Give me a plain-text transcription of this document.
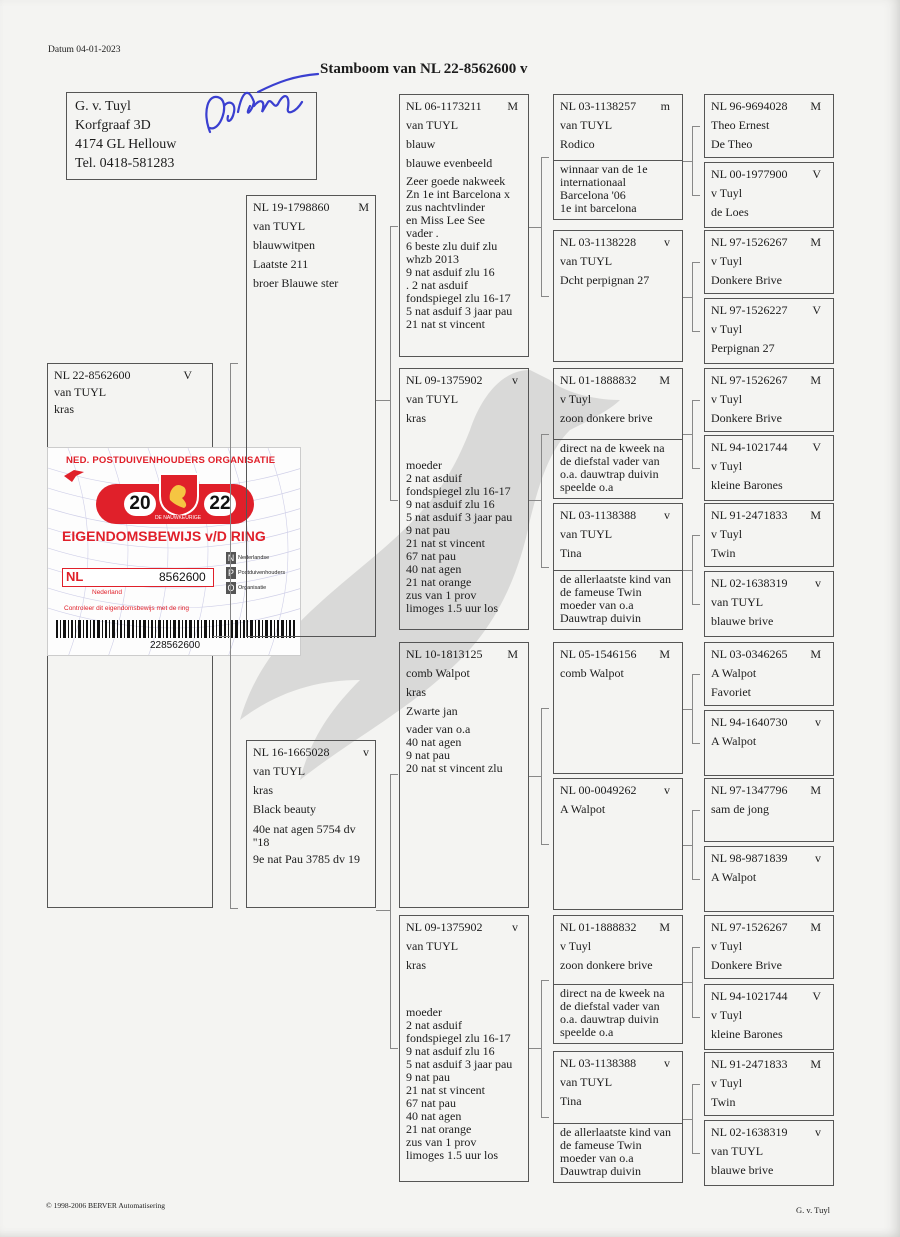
Datum 04-01-2023
Stamboom van NL 22-8562600 v
G. v. Tuyl
Korfgraaf 3D
4174 GL Hellouw
Tel. 0418-581283
NL 22-8562600	V
van TUYL
kras
NED. POSTDUIVENHOUDERS ORGANISATIE
20	22
DE NAUWKEURIGE
EIGENDOMSBEWIJS v/D RING
NL	8562600
Nederland
N Nederlandse
P Postduivenhouders
O Organisatie
Controleer dit eigendomsbewijs met de ring
228562600
NL 19-1798860 M
van TUYL
blauwwitpen
Laatste 211
broer Blauwe ster
NL 16-1665028	v
van TUYL
kras
Black beauty
40e nat agen 5754 dv ''18
9e nat Pau 3785 dv 19
NL 06-1173211 M
van TUYL
blauw
blauwe evenbeeld
Zeer goede nakweek
Zn 1e int Barcelona x
zus nachtvlinder
en Miss Lee See
vader .
6 beste zlu duif zlu
whzb 2013
9 nat asduif zlu 16
. 2 nat asduif
fondspiegel zlu 16-17
5 nat asduif 3 jaar pau
21 nat st vincent
NL 09-1375902 v
van TUYL
kras
moeder
2 nat asduif
fondspiegel zlu 16-17
9 nat asduif zlu 16
5 nat asduif 3 jaar pau
9 nat pau
21 nat st vincent
67 nat pau
40 nat agen
21 nat orange
zus van 1 prov
limoges 1.5 uur los
NL 10-1813125 M
comb Walpot
kras
Zwarte jan
vader van o.a
40 nat agen
9 nat pau
20 nat st vincent zlu
NL 09-1375902 v
van TUYL
kras
moeder
2 nat asduif
fondspiegel zlu 16-17
9 nat asduif zlu 16
5 nat asduif 3 jaar pau
9 nat pau
21 nat st vincent
67 nat pau
40 nat agen
21 nat orange
zus van 1 prov
limoges 1.5 uur los
NL 03-1138257 m
van TUYL
Rodico
winnaar van de 1e
internationaal
Barcelona '06
1e int barcelona
NL 03-1138228 v
van TUYL
Dcht perpignan 27
NL 01-1888832 M
v Tuyl
zoon donkere brive
direct na de kweek na
de diefstal vader van
o.a. dauwtrap duivin
speelde o.a
NL 03-1138388 v
van TUYL
Tina
de allerlaatste kind van
de fameuse Twin
moeder van o.a
Dauwtrap duivin
NL 05-1546156 M
comb Walpot
NL 00-0049262 v
A Walpot
NL 01-1888832 M
v Tuyl
zoon donkere brive
direct na de kweek na
de diefstal vader van
o.a. dauwtrap duivin
speelde o.a
NL 03-1138388 v
van TUYL
Tina
de allerlaatste kind van
de fameuse Twin
moeder van o.a
Dauwtrap duivin
NL 96-9694028 M
Theo Ernest
De Theo
NL 00-1977900 V
v Tuyl
de Loes
NL 97-1526267 M
v Tuyl
Donkere Brive
NL 97-1526227 V
v Tuyl
Perpignan 27
NL 97-1526267 M
v Tuyl
Donkere Brive
NL 94-1021744 V
v Tuyl
kleine Barones
NL 91-2471833 M
v Tuyl
Twin
NL 02-1638319 v
van TUYL
blauwe brive
NL 03-0346265 M
A Walpot
Favoriet
NL 94-1640730 v
A Walpot
NL 97-1347796 M
sam de jong
NL 98-9871839 v
A Walpot
NL 97-1526267 M
v Tuyl
Donkere Brive
NL 94-1021744 V
v Tuyl
kleine Barones
NL 91-2471833 M
v Tuyl
Twin
NL 02-1638319 v
van TUYL
blauwe brive
© 1998-2006 BERVER Automatisering	G. v. Tuyl
